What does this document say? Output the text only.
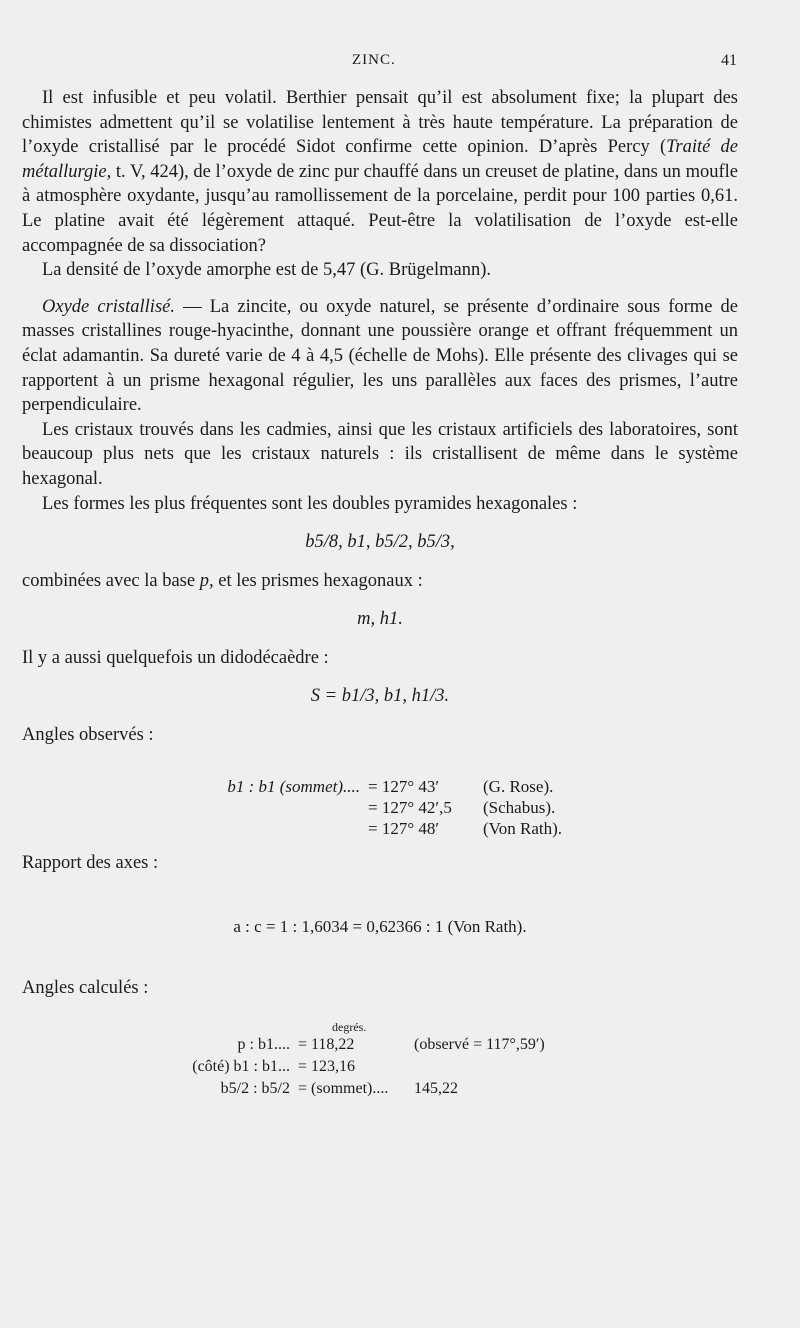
ZINC.	41

Il est infusible et peu volatil. Berthier pensait qu’il est absolument fixe; la plupart des chimistes admettent qu’il se volatilise lentement à très haute température. La préparation de l’oxyde cristallisé par le procédé Sidot confirme cette opinion. D’après Percy (Traité de métallurgie, t. V, 424), de l’oxyde de zinc pur chauffé dans un creuset de platine, dans un moufle à atmosphère oxydante, jusqu’au ramollissement de la porcelaine, perdit pour 100 parties 0,61. Le platine avait été légèrement attaqué. Peut-être la volatilisation de l’oxyde est-elle accompagnée de sa dissociation?

La densité de l’oxyde amorphe est de 5,47 (G. Brügelmann).

Oxyde cristallisé. — La zincite, ou oxyde naturel, se présente d’ordinaire sous forme de masses cristallines rouge-hyacinthe, donnant une poussière orange et offrant fréquemment un éclat adamantin. Sa dureté varie de 4 à 4,5 (échelle de Mohs). Elle présente des clivages qui se rapportent à un prisme hexagonal régulier, les uns parallèles aux faces des prismes, l’autre perpendiculaire.

Les cristaux trouvés dans les cadmies, ainsi que les cristaux artificiels des laboratoires, sont beaucoup plus nets que les cristaux naturels : ils cristallisent de même dans le système hexagonal.

Les formes les plus fréquentes sont les doubles pyramides hexagonales :

b5/8, b1, b5/2, b5/3,

combinées avec la base p, et les prismes hexagonaux :

m, h1.

Il y a aussi quelquefois un didodécaèdre :

S = b1/3, b1, h1/3.

Angles observés :

b1 : b1 (sommet).... = 127° 43′	(G. Rose).
= 127° 42′,5	(Schabus).
= 127° 48′	(Von Rath).

Rapport des axes :

a : c = 1 : 1,6034 = 0,62366 : 1 (Von Rath).

Angles calculés :

degrés.
p : b1.... = 118,22	(observé = 117°,59′)
(côté) b1 : b1... = 123,16
b5/2 : b5/2 = (sommet)....	145,22
